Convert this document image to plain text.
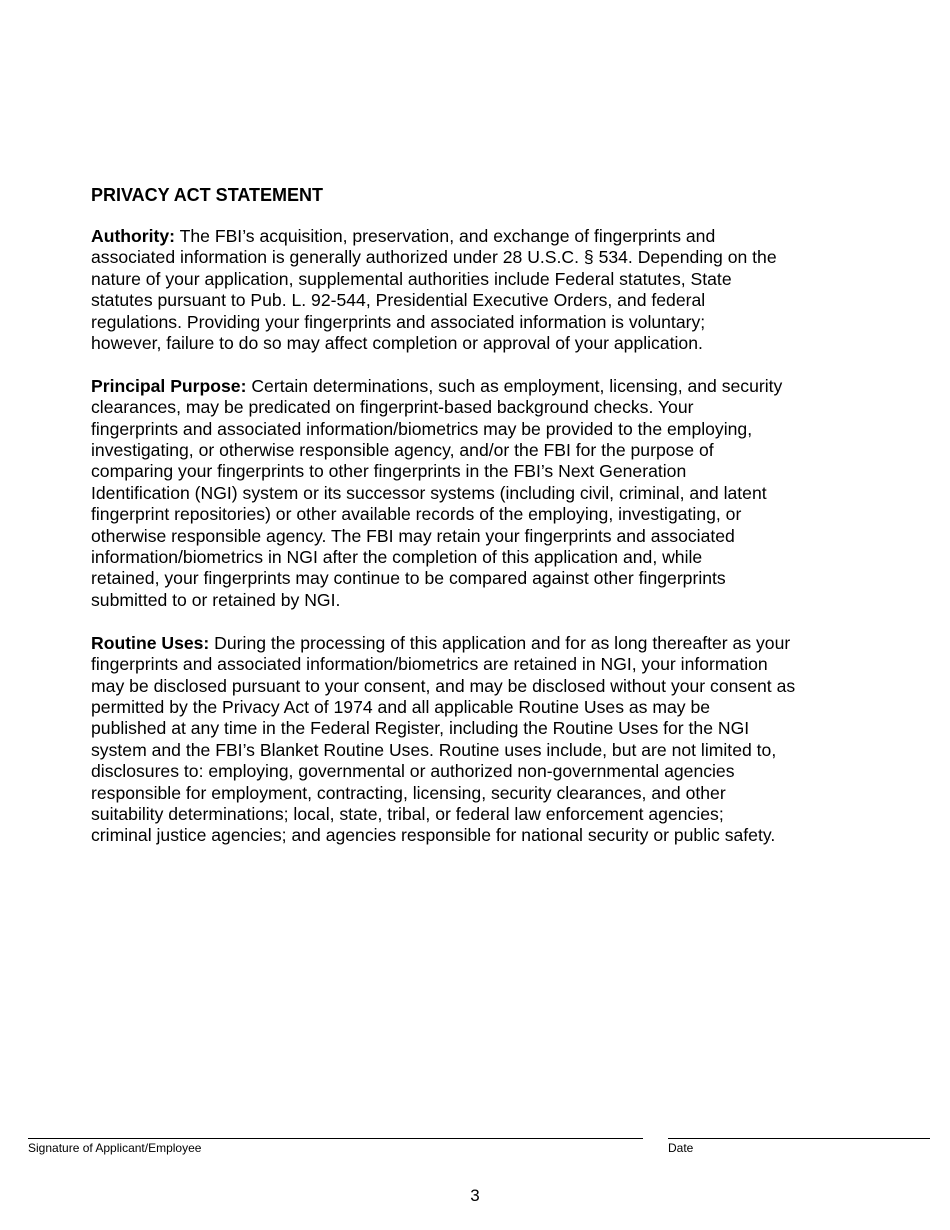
PRIVACY ACT STATEMENT
Authority: The FBI’s acquisition, preservation, and exchange of fingerprints and
associated information is generally authorized under 28 U.S.C. § 534. Depending on the
nature of your application, supplemental authorities include Federal statutes, State
statutes pursuant to Pub. L. 92-544, Presidential Executive Orders, and federal
regulations. Providing your fingerprints and associated information is voluntary;
however, failure to do so may affect completion or approval of your application.
Principal Purpose: Certain determinations, such as employment, licensing, and security
clearances, may be predicated on fingerprint-based background checks. Your
fingerprints and associated information/biometrics may be provided to the employing,
investigating, or otherwise responsible agency, and/or the FBI for the purpose of
comparing your fingerprints to other fingerprints in the FBI’s Next Generation
Identification (NGI) system or its successor systems (including civil, criminal, and latent
fingerprint repositories) or other available records of the employing, investigating, or
otherwise responsible agency. The FBI may retain your fingerprints and associated
information/biometrics in NGI after the completion of this application and, while
retained, your fingerprints may continue to be compared against other fingerprints
submitted to or retained by NGI.
Routine Uses: During the processing of this application and for as long thereafter as your
fingerprints and associated information/biometrics are retained in NGI, your information
may be disclosed pursuant to your consent, and may be disclosed without your consent as
permitted by the Privacy Act of 1974 and all applicable Routine Uses as may be
published at any time in the Federal Register, including the Routine Uses for the NGI
system and the FBI’s Blanket Routine Uses. Routine uses include, but are not limited to,
disclosures to: employing, governmental or authorized non-governmental agencies
responsible for employment, contracting, licensing, security clearances, and other
suitability determinations; local, state, tribal, or federal law enforcement agencies;
criminal justice agencies; and agencies responsible for national security or public safety.
Signature of Applicant/Employee	Date
3
